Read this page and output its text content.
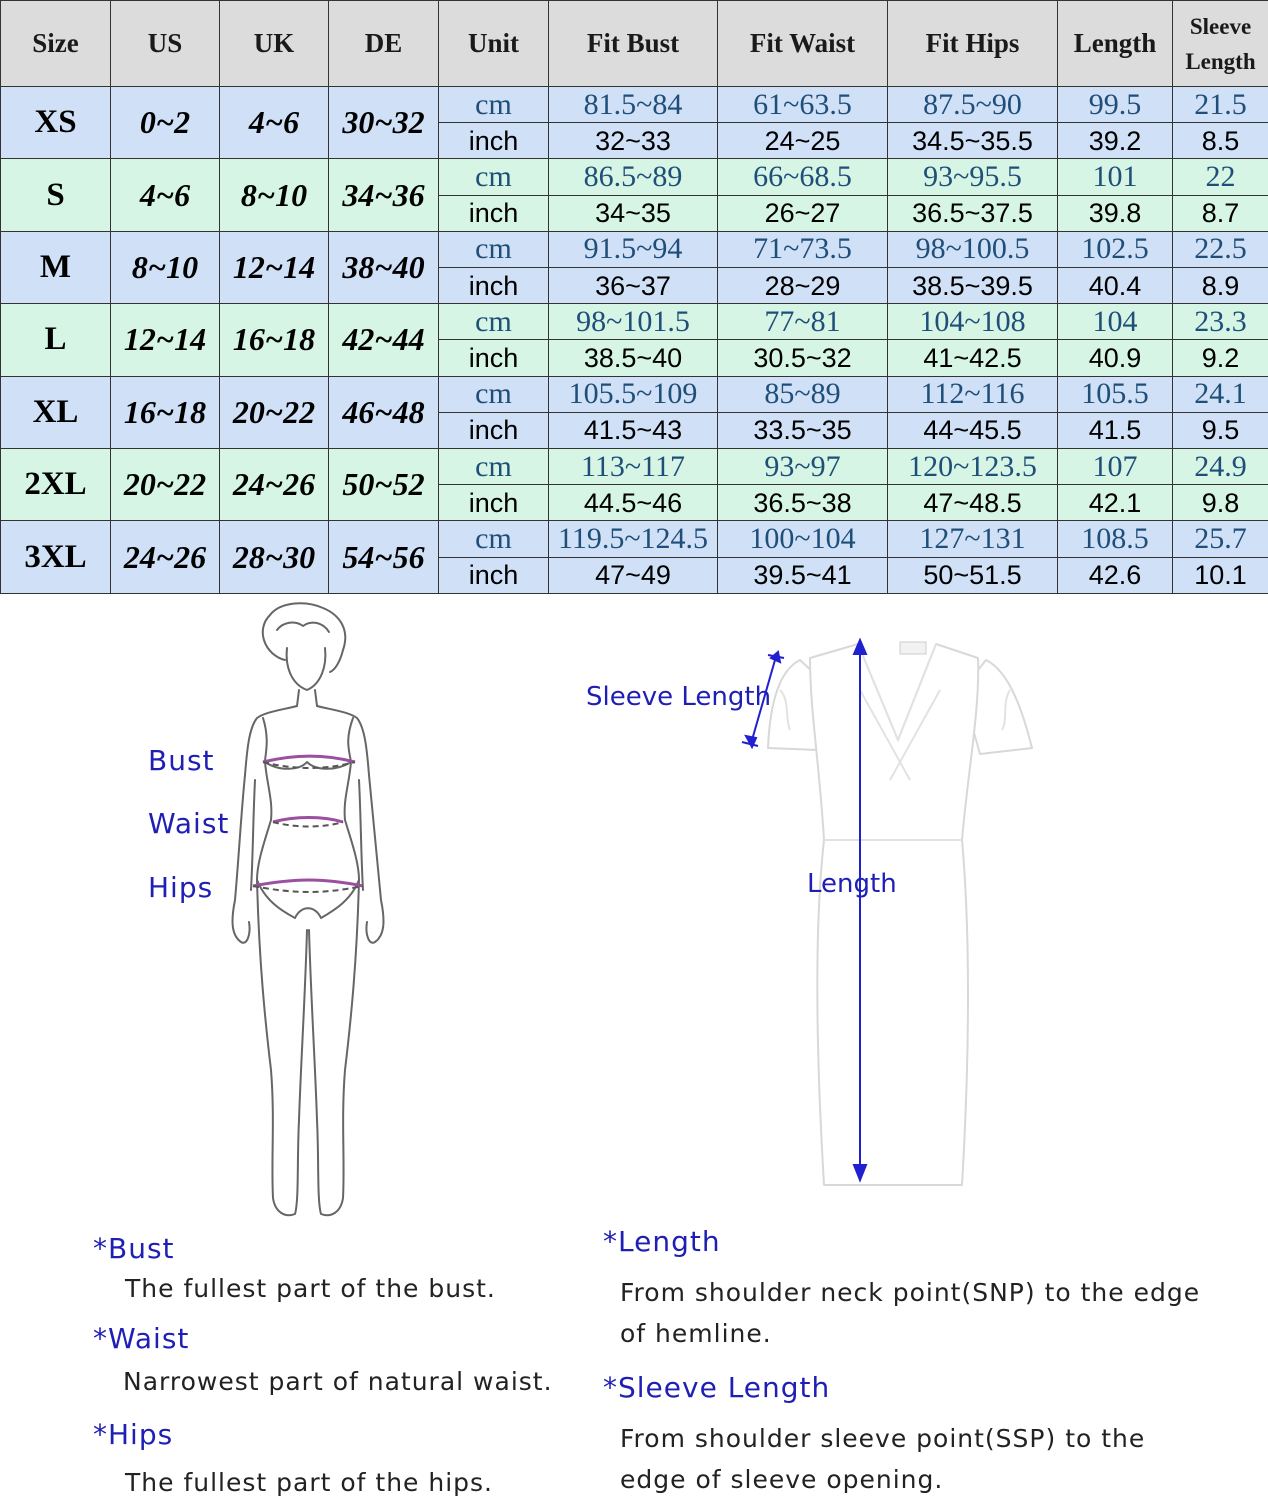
Size	US	UK	DE	Unit	Fit Bust	Fit Waist	Fit Hips	Length	Sleeve Length
XS	0~2	4~6	30~32	cm	81.5~84	61~63.5	87.5~90	99.5	21.5
				inch	32~33	24~25	34.5~35.5	39.2	8.5
S	4~6	8~10	34~36	cm	86.5~89	66~68.5	93~95.5	101	22
				inch	34~35	26~27	36.5~37.5	39.8	8.7
M	8~10	12~14	38~40	cm	91.5~94	71~73.5	98~100.5	102.5	22.5
				inch	36~37	28~29	38.5~39.5	40.4	8.9
L	12~14	16~18	42~44	cm	98~101.5	77~81	104~108	104	23.3
				inch	38.5~40	30.5~32	41~42.5	40.9	9.2
XL	16~18	20~22	46~48	cm	105.5~109	85~89	112~116	105.5	24.1
				inch	41.5~43	33.5~35	44~45.5	41.5	9.5
2XL	20~22	24~26	50~52	cm	113~117	93~97	120~123.5	107	24.9
				inch	44.5~46	36.5~38	47~48.5	42.1	9.8
3XL	24~26	28~30	54~56	cm	119.5~124.5	100~104	127~131	108.5	25.7
				inch	47~49	39.5~41	50~51.5	42.6	10.1
Bust
Waist
Hips
Sleeve Length
Length
*Bust
The fullest part of the bust.
*Waist
Narrowest part of natural waist.
*Hips
The fullest part of the hips.
*Length
From shoulder neck point(SNP) to the edge of hemline.
*Sleeve Length
From shoulder sleeve point(SSP) to the edge of sleeve opening.
